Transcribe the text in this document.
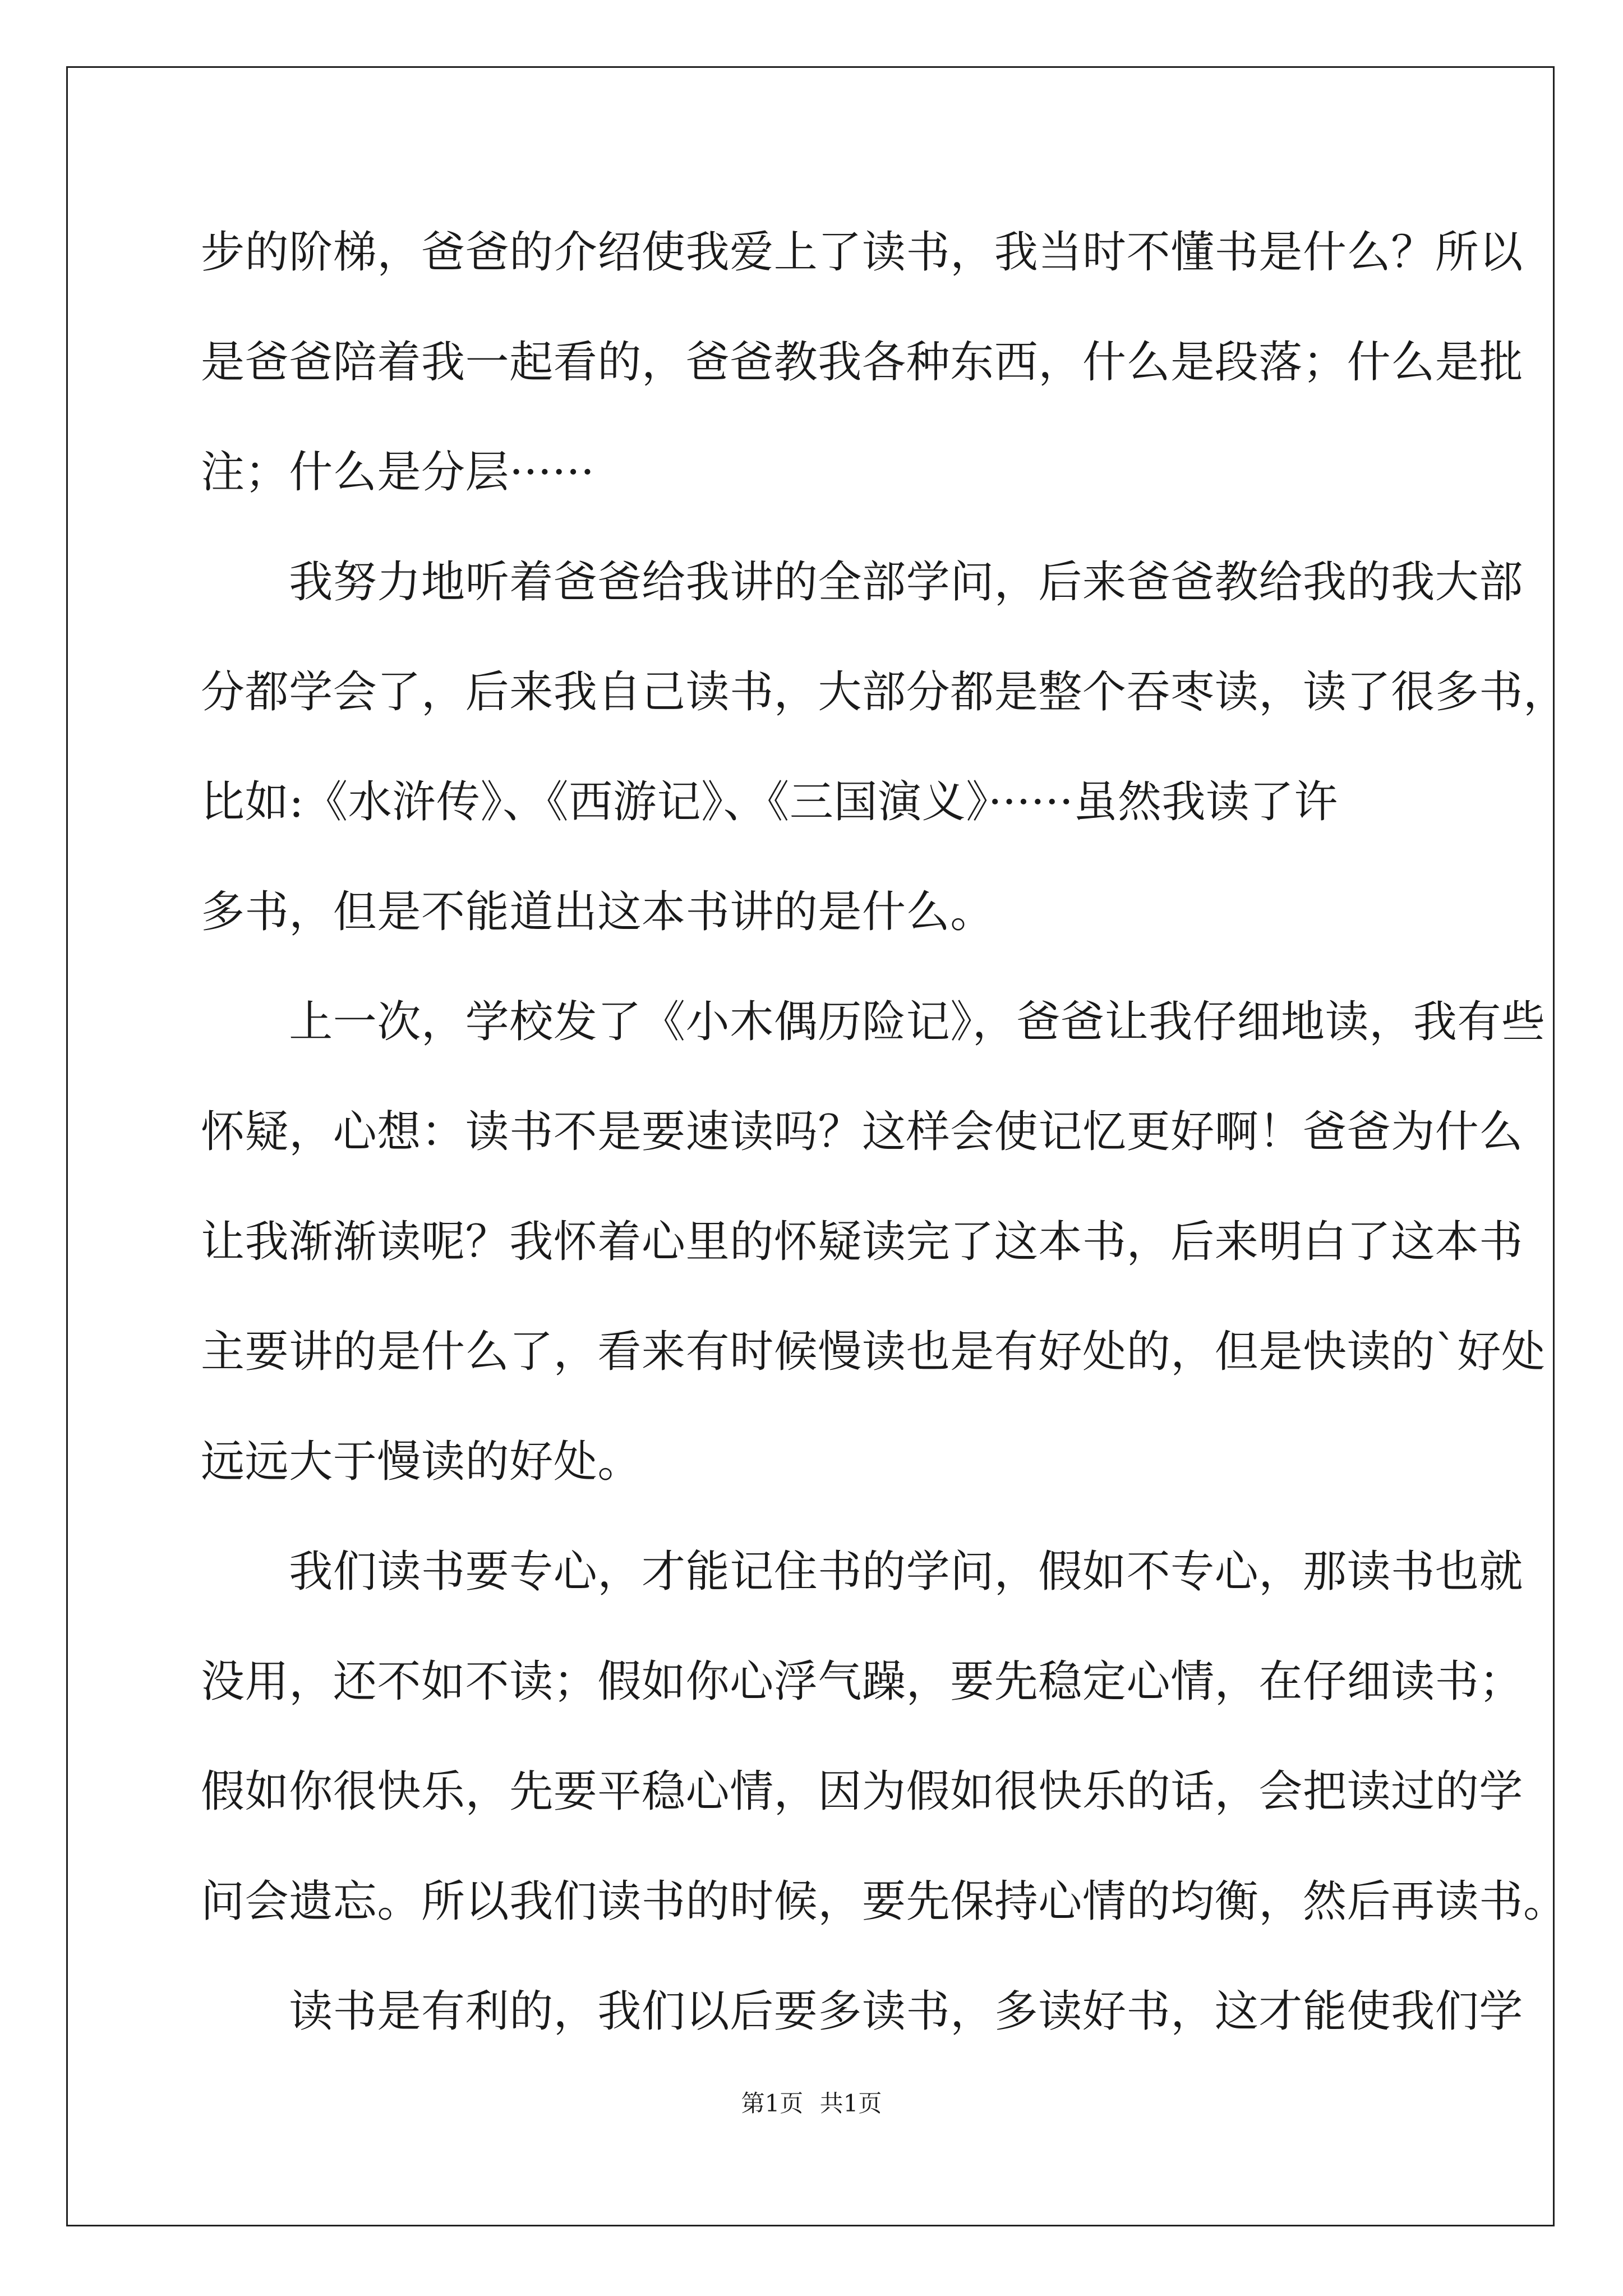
步的阶梯，爸爸的介绍使我爱上了读书，我当时不懂书是什么？所以
是爸爸陪着我一起看的，爸爸教我各种东西，什么是段落；什么是批
注；什么是分层······
　　我努力地听着爸爸给我讲的全部学问，后来爸爸教给我的我大部
分都学会了，后来我自己读书，大部分都是整个吞枣读，读了很多书，
比如:《水浒传》、《西游记》、《三国演义》······虽然我读了许
多书，但是不能道出这本书讲的是什么。
　　上一次，学校发了《小木偶历险记》，爸爸让我仔细地读，我有些
怀疑，心想：读书不是要速读吗？这样会使记忆更好啊！爸爸为什么
让我渐渐读呢？我怀着心里的怀疑读完了这本书，后来明白了这本书
主要讲的是什么了，看来有时候慢读也是有好处的，但是快读的`好处
远远大于慢读的好处。
　　我们读书要专心，才能记住书的学问，假如不专心，那读书也就
没用，还不如不读；假如你心浮气躁，要先稳定心情，在仔细读书；
假如你很快乐，先要平稳心情，因为假如很快乐的话，会把读过的学
问会遗忘。所以我们读书的时候，要先保持心情的均衡，然后再读书。
　　读书是有利的，我们以后要多读书，多读好书，这才能使我们学
第1页 共1页
